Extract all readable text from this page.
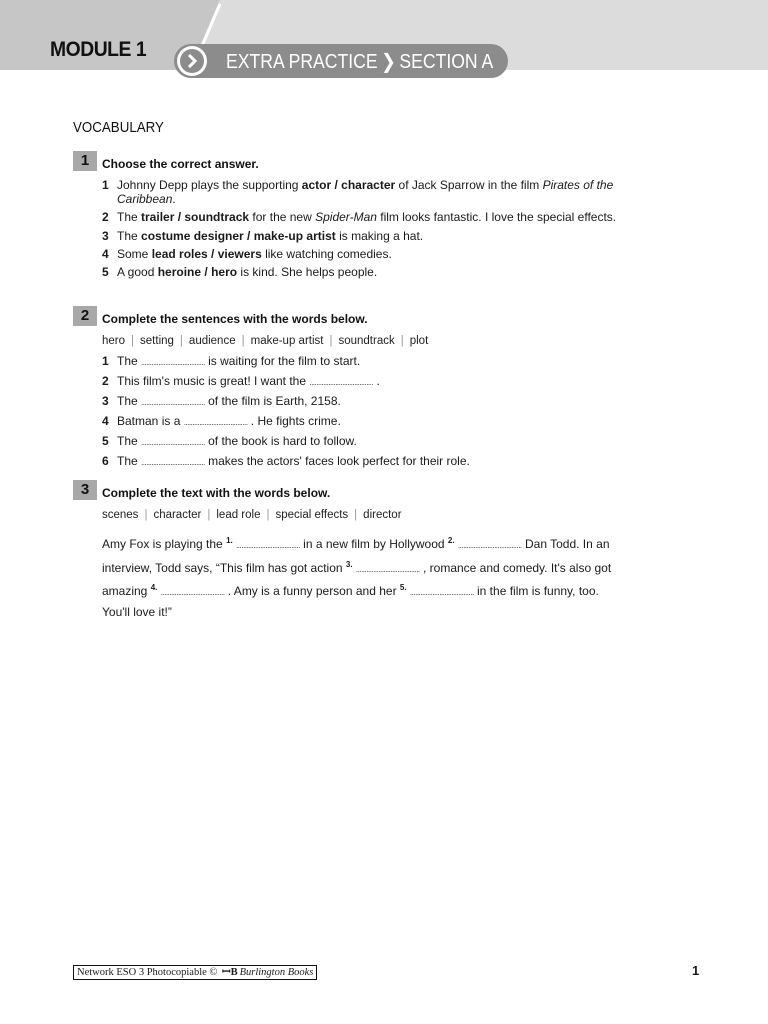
MODULE 1
EXTRA PRACTICE ❯ SECTION A
VOCABULARY
1	Choose the correct answer.
1 Johnny Depp plays the supporting actor / character of Jack Sparrow in the film Pirates of the Caribbean.
2 The trailer / soundtrack for the new Spider-Man film looks fantastic. I love the special effects.
3 The costume designer / make-up artist is making a hat.
4 Some lead roles / viewers like watching comedies.
5 A good heroine / hero is kind. She helps people.
2	Complete the sentences with the words below.
hero | setting | audience | make-up artist | soundtrack | plot
1 The ..................................... is waiting for the film to start.
2 This film's music is great! I want the ..................................... .
3 The ..................................... of the film is Earth, 2158.
4 Batman is a ..................................... . He fights crime.
5 The ..................................... of the book is hard to follow.
6 The ..................................... makes the actors' faces look perfect for their role.
3	Complete the text with the words below.
scenes | character | lead role | special effects | director
Amy Fox is playing the $^{1.}$ ..................................... in a new film by Hollywood $^{2.}$ ..................................... Dan Todd. In an interview, Todd says, “This film has got action $^{3.}$ ..................................... , romance and comedy. It's also got amazing $^{4.}$ ..................................... . Amy is a funny person and her $^{5.}$ ..................................... in the film is funny, too. You'll love it!”
Network ESO 3 Photocopiable © ꟷB Burlington Books	1
